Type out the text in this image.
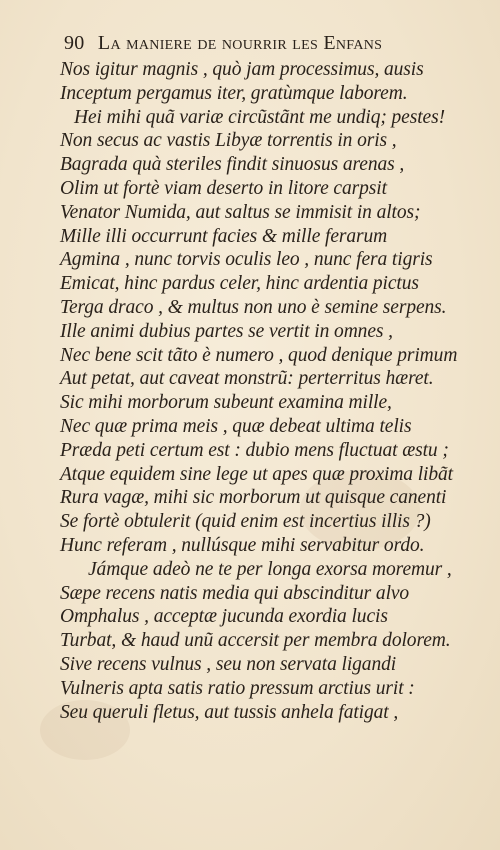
90 La maniere de nourrir les Enfans
Nos igitur magnis , quò jam processimus, ausis
Inceptum pergamus iter, gratùmque laborem.
Hei mihi quã variæ circũstãnt me undiq; pestes!
Non secus ac vastis Libyæ torrentis in oris ,
Bagrada quà steriles findit sinuosus arenas ,
Olim ut fortè viam deserto in litore carpsit
Venator Numida, aut saltus se immisit in altos;
Mille illi occurrunt facies & mille ferarum
Agmina , nunc torvis oculis leo , nunc fera tigris
Emicat, hinc pardus celer, hinc ardentia pictus
Terga draco , & multus non uno è semine serpens.
Ille animi dubius partes se vertit in omnes ,
Nec bene scit tãto è numero , quod denique primum
Aut petat, aut caveat monstrũ: perterritus hæret.
Sic mihi morborum subeunt examina mille,
Nec quæ prima meis , quæ debeat ultima telis
Præda peti certum est : dubio mens fluctuat æstu ;
Atque equidem sine lege ut apes quæ proxima libãt
Rura vagæ, mihi sic morborum ut quisque canenti
Se fortè obtulerit (quid enim est incertius illis ?)
Hunc referam , nullúsque mihi servabitur ordo.
Jámque adeò ne te per longa exorsa moremur ,
Sæpe recens natis media qui abscinditur alvo
Omphalus , acceptæ jucunda exordia lucis
Turbat, & haud unũ accersit per membra dolorem.
Sive recens vulnus , seu non servata ligandi
Vulneris apta satis ratio pressum arctius urit :
Seu queruli fletus, aut tussis anhela fatigat ,
